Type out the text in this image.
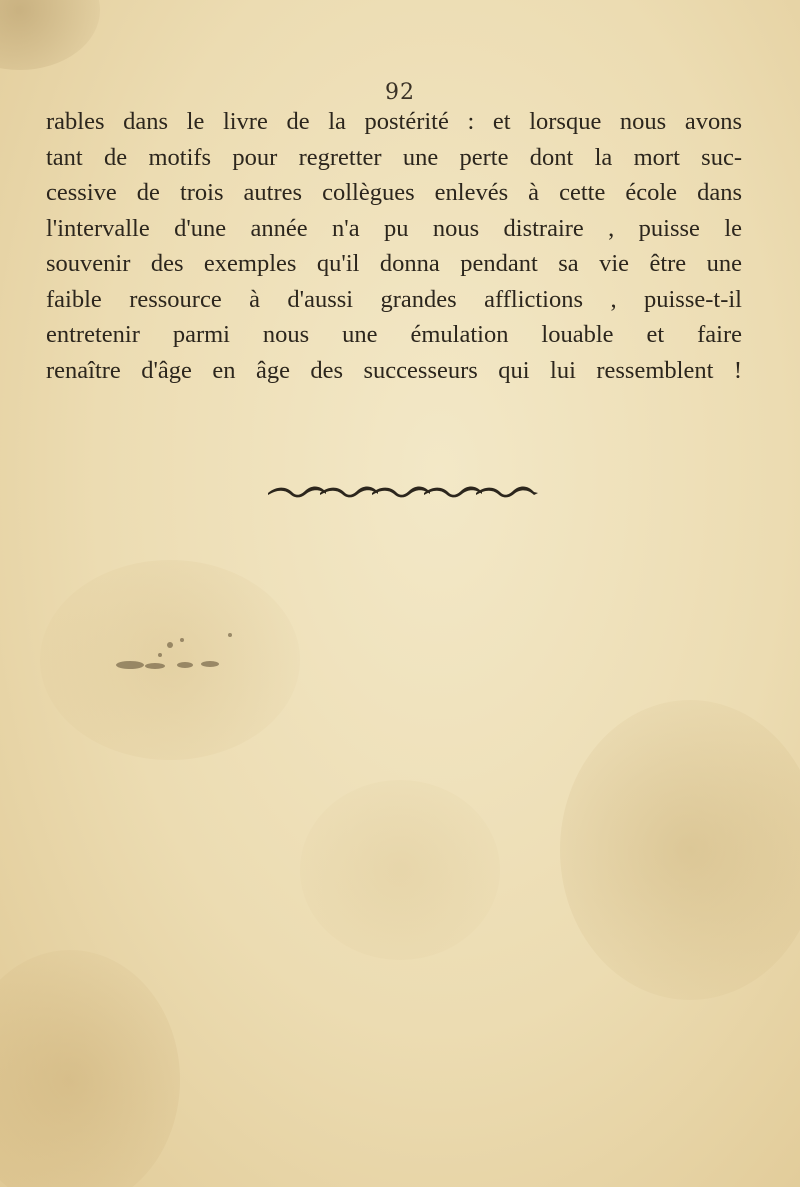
92
rables dans le livre de la postérité : et lorsque nous avons
tant de motifs pour regretter une perte dont la mort suc-
cessive de trois autres collègues enlevés à cette école dans
l'intervalle d'une année n'a pu nous distraire , puisse le
souvenir des exemples qu'il donna pendant sa vie être une
faible ressource à d'aussi grandes afflictions , puisse-t-il
entretenir parmi nous une émulation louable et faire
renaître d'âge en âge des successeurs qui lui ressemblent !
